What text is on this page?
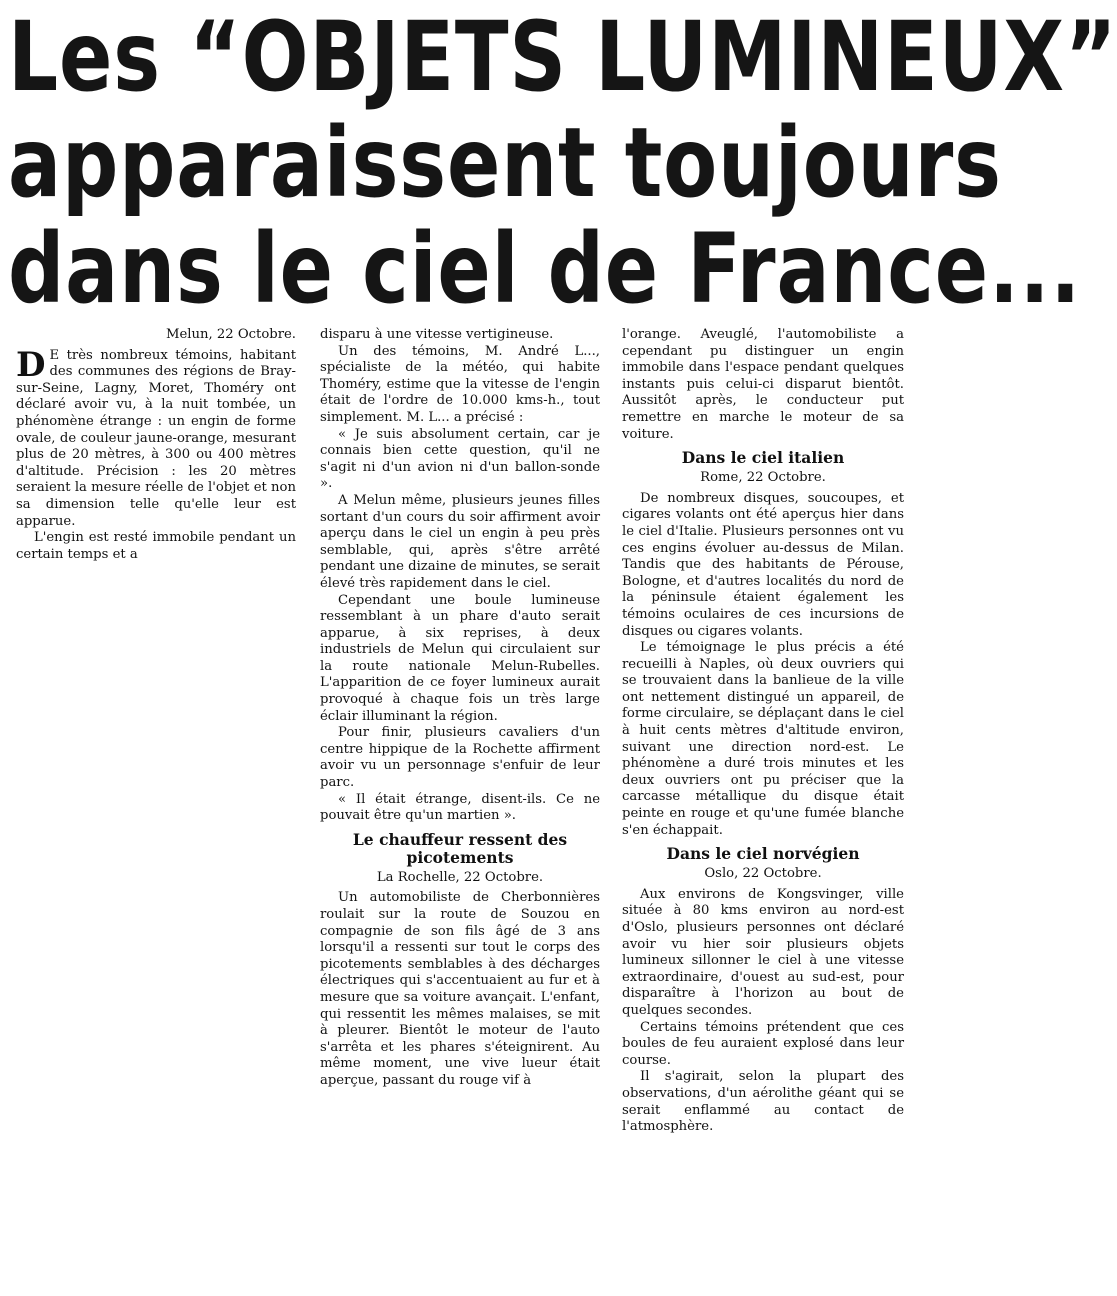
Les “OBJETS LUMINEUX”
apparaissent toujours
dans le ciel de France...
Melun, 22 Octobre.

D E très nombreux témoins, habitant des communes des régions de Bray-sur-Seine, Lagny, Moret, Thoméry ont déclaré avoir vu, à la nuit tombée, un phénomène étrange : un engin de forme ovale, de couleur jaune-orange, mesurant plus de 20 mètres, à 300 ou 400 mètres d'altitude. Précision : les 20 mètres seraient la mesure réelle de l'objet et non sa dimension telle qu'elle leur est apparue.

L'engin est resté immobile pendant un certain temps et a

disparu à une vitesse vertigineuse.

Un des témoins, M. André L..., spécialiste de la météo, qui habite Thoméry, estime que la vitesse de l'engin était de l'ordre de 10.000 kms-h., tout simplement. M. L... a précisé :

« Je suis absolument certain, car je connais bien cette question, qu'il ne s'agit ni d'un avion ni d'un ballon-sonde ».

A Melun même, plusieurs jeunes filles sortant d'un cours du soir affirment avoir aperçu dans le ciel un engin à peu près semblable, qui, après s'être arrêté pendant une dizaine de minutes, se serait élevé très rapidement dans le ciel.

Cependant une boule lumineuse ressemblant à un phare d'auto serait apparue, à six reprises, à deux industriels de Melun qui circulaient sur la route nationale Melun-Rubelles. L'apparition de ce foyer lumineux aurait provoqué à chaque fois un très large éclair illuminant la région.

Pour finir, plusieurs cavaliers d'un centre hippique de la Rochette affirment avoir vu un personnage s'enfuir de leur parc.

« Il était étrange, disent-ils. Ce ne pouvait être qu'un martien ».

Le chauffeur ressent des picotements
La Rochelle, 22 Octobre.

Un automobiliste de Cherbonnières roulait sur la route de Souzou en compagnie de son fils âgé de 3 ans lorsqu'il a ressenti sur tout le corps des picotements semblables à des décharges électriques qui s'accentuaient au fur et à mesure que sa voiture avançait. L'enfant, qui ressentit les mêmes malaises, se mit à pleurer. Bientôt le moteur de l'auto s'arrêta et les phares s'éteignirent. Au même moment, une vive lueur était aperçue, passant du rouge vif à

l'orange. Aveuglé, l'automobiliste a cependant pu distinguer un engin immobile dans l'espace pendant quelques instants puis celui-ci disparut bientôt. Aussitôt après, le conducteur put remettre en marche le moteur de sa voiture.

Dans le ciel italien
Rome, 22 Octobre.

De nombreux disques, soucoupes, et cigares volants ont été aperçus hier dans le ciel d'Italie. Plusieurs personnes ont vu ces engins évoluer au-dessus de Milan. Tandis que des habitants de Pérouse, Bologne, et d'autres localités du nord de la péninsule étaient également les témoins oculaires de ces incursions de disques ou cigares volants.

Le témoignage le plus précis a été recueilli à Naples, où deux ouvriers qui se trouvaient dans la banlieue de la ville ont nettement distingué un appareil, de forme circulaire, se déplaçant dans le ciel à huit cents mètres d'altitude environ, suivant une direction nord-est. Le phénomène a duré trois minutes et les deux ouvriers ont pu préciser que la carcasse métallique du disque était peinte en rouge et qu'une fumée blanche s'en échappait.

Dans le ciel norvégien
Oslo, 22 Octobre.

Aux environs de Kongsvinger, ville située à 80 kms environ au nord-est d'Oslo, plusieurs personnes ont déclaré avoir vu hier soir plusieurs objets lumineux sillonner le ciel à une vitesse extraordinaire, d'ouest au sud-est, pour disparaître à l'horizon au bout de quelques secondes.

Certains témoins prétendent que ces boules de feu auraient explosé dans leur course.

Il s'agirait, selon la plupart des observations, d'un aérolithe géant qui se serait enflammé au contact de l'atmosphère.
